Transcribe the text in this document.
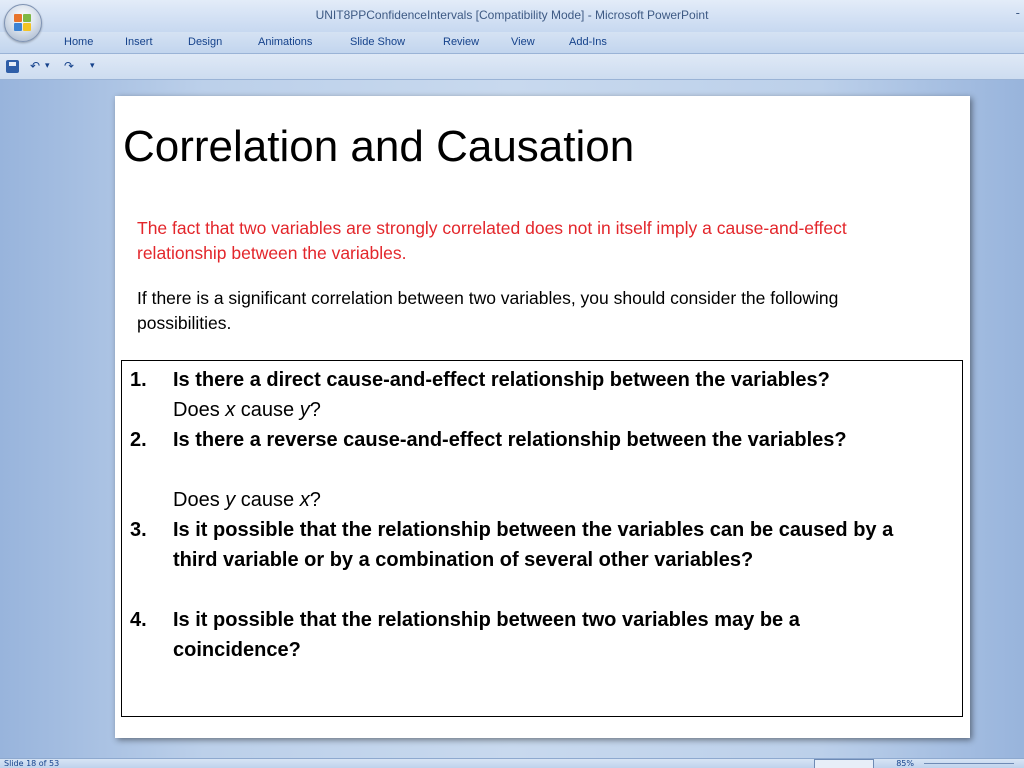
UNIT8PPConfidenceIntervals [Compatibility Mode] - Microsoft PowerPoint	-
Home	Insert	Design	Animations	Slide Show	Review	View	Add-Ins
↶ ▾ ↷ ▾
Correlation and Causation
The fact that two variables are strongly correlated does not in itself imply a cause-and-effect relationship between the variables.
If there is a significant correlation between two variables, you should consider the following possibilities.
1. Is there a direct cause-and-effect relationship between the variables?
Does x cause y?
2. Is there a reverse cause-and-effect relationship between the variables?
Does y cause x?
3. Is it possible that the relationship between the variables can be caused by a third variable or by a combination of several other variables?
4. Is it possible that the relationship between two variables may be a coincidence?
Slide 18 of 53	85%
